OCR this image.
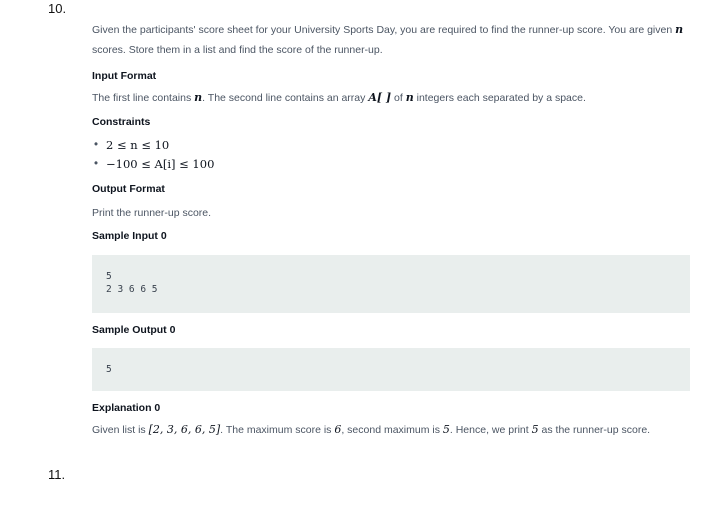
10.

Given the participants' score sheet for your University Sports Day, you are required to find the runner-up score. You are given n scores. Store them in a list and find the score of the runner-up.

Input Format

The first line contains n. The second line contains an array A[ ] of n integers each separated by a space.

Constraints

• 2 ≤ n ≤ 10
• −100 ≤ A[i] ≤ 100

Output Format

Print the runner-up score.

Sample Input 0

5
2 3 6 6 5

Sample Output 0

5

Explanation 0

Given list is [2, 3, 6, 6, 5]. The maximum score is 6, second maximum is 5. Hence, we print 5 as the runner-up score.

11.
